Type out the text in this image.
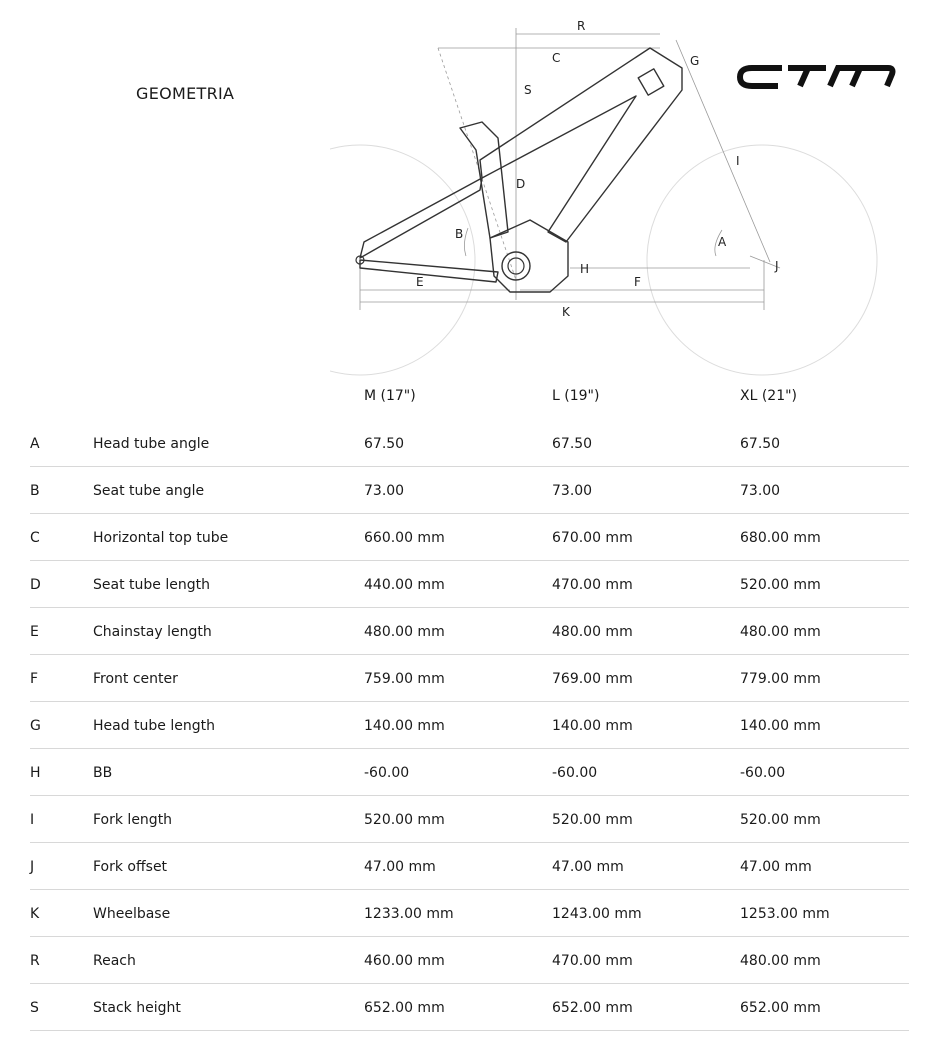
GEOMETRIA
R
C	G
S
I
D
B
A
H	J
E	F
K
M (17")	L (19")	XL (21")
A	Head tube angle	67.50	67.50	67.50
B	Seat tube angle	73.00	73.00	73.00
C	Horizontal top tube	660.00 mm	670.00 mm	680.00 mm
D	Seat tube length	440.00 mm	470.00 mm	520.00 mm
E	Chainstay length	480.00 mm	480.00 mm	480.00 mm
F	Front center	759.00 mm	769.00 mm	779.00 mm
G	Head tube length	140.00 mm	140.00 mm	140.00 mm
H	BB	-60.00	-60.00	-60.00
I	Fork length	520.00 mm	520.00 mm	520.00 mm
J	Fork offset	47.00 mm	47.00 mm	47.00 mm
K	Wheelbase	1233.00 mm	1243.00 mm	1253.00 mm
R	Reach	460.00 mm	470.00 mm	480.00 mm
S	Stack height	652.00 mm	652.00 mm	652.00 mm
